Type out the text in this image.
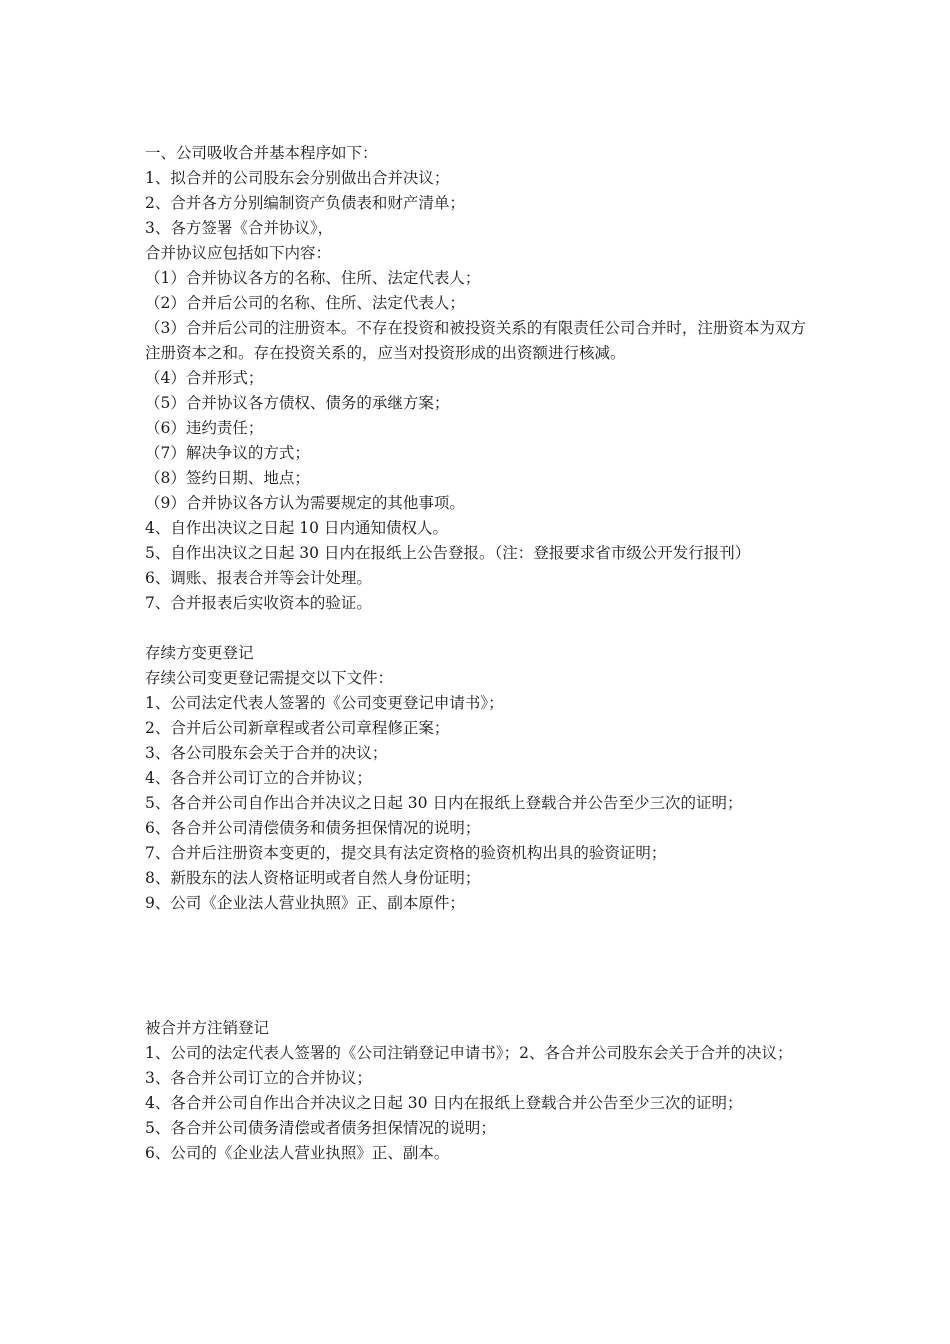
一、公司吸收合并基本程序如下：
1、拟合并的公司股东会分别做出合并决议；
2、合并各方分别编制资产负债表和财产清单；
3、各方签署《合并协议》，
合并协议应包括如下内容：
（1）合并协议各方的名称、住所、法定代表人；
（2）合并后公司的名称、住所、法定代表人；
（3）合并后公司的注册资本。不存在投资和被投资关系的有限责任公司合并时，注册资本为双方注册资本之和。存在投资关系的，应当对投资形成的出资额进行核减。
（4）合并形式；
（5）合并协议各方债权、债务的承继方案；
（6）违约责任；
（7）解决争议的方式；
（8）签约日期、地点；
（9）合并协议各方认为需要规定的其他事项。
4、自作出决议之日起 10 日内通知债权人。
5、自作出决议之日起 30 日内在报纸上公告登报。（注：登报要求省市级公开发行报刊）
6、调账、报表合并等会计处理。
7、合并报表后实收资本的验证。
存续方变更登记
存续公司变更登记需提交以下文件：
1、公司法定代表人签署的《公司变更登记申请书》；
2、合并后公司新章程或者公司章程修正案；
3、各公司股东会关于合并的决议；
4、各合并公司订立的合并协议；
5、各合并公司自作出合并决议之日起 30 日内在报纸上登载合并公告至少三次的证明；
6、各合并公司清偿债务和债务担保情况的说明；
7、合并后注册资本变更的，提交具有法定资格的验资机构出具的验资证明；
8、新股东的法人资格证明或者自然人身份证明；
9、公司《企业法人营业执照》正、副本原件；
被合并方注销登记
1、公司的法定代表人签署的《公司注销登记申请书》；2、各合并公司股东会关于合并的决议；
3、各合并公司订立的合并协议；
4、各合并公司自作出合并决议之日起 30 日内在报纸上登载合并公告至少三次的证明；
5、各合并公司债务清偿或者债务担保情况的说明；
6、公司的《企业法人营业执照》正、副本。
